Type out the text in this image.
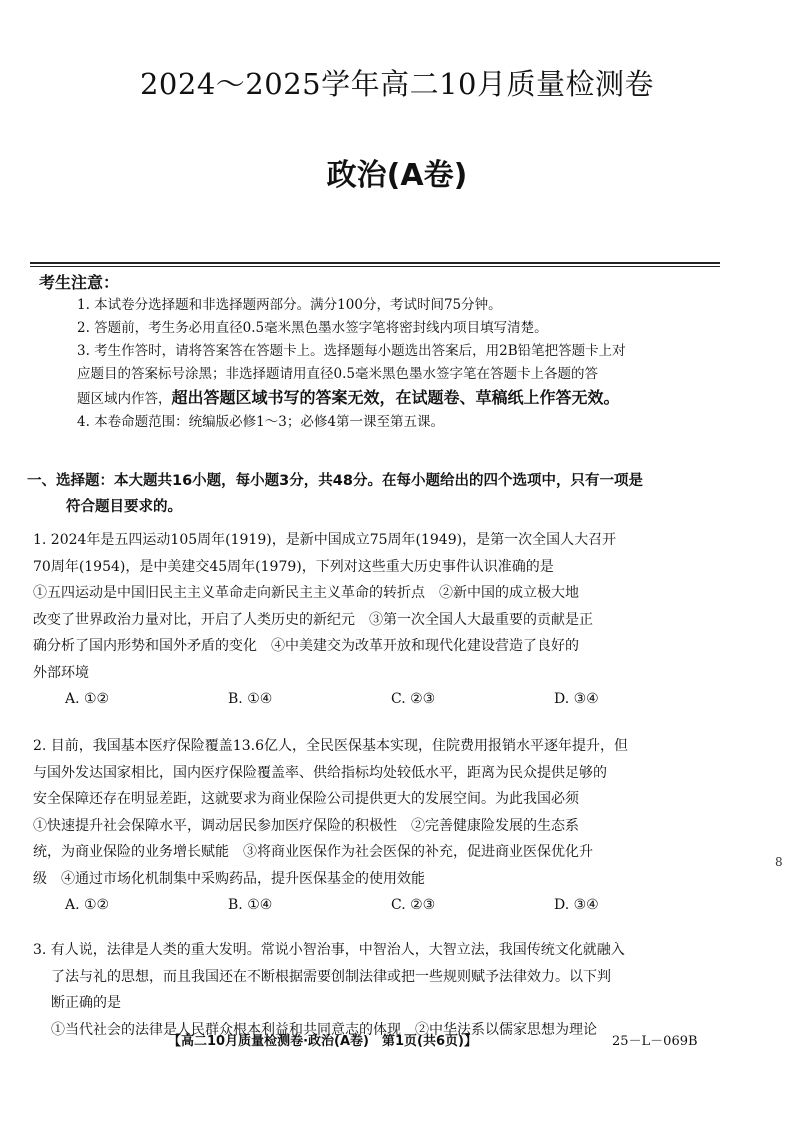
2024～2025学年高二10月质量检测卷
政治(A卷)
考生注意：
1. 本试卷分选择题和非选择题两部分。满分100分，考试时间75分钟。
2. 答题前，考生务必用直径0.5毫米黑色墨水签字笔将密封线内项目填写清楚。
3. 考生作答时，请将答案答在答题卡上。选择题每小题选出答案后，用2B铅笔把答题卡上对
应题目的答案标号涂黑；非选择题请用直径0.5毫米黑色墨水签字笔在答题卡上各题的答
题区域内作答，超出答题区域书写的答案无效，在试题卷、草稿纸上作答无效。
4. 本卷命题范围：统编版必修1～3；必修4第一课至第五课。
一、选择题：本大题共16小题，每小题3分，共48分。在每小题给出的四个选项中，只有一项是
符合题目要求的。
1. 2024年是五四运动105周年(1919)，是新中国成立75周年(1949)，是第一次全国人大召开
70周年(1954)，是中美建交45周年(1979)，下列对这些重大历史事件认识准确的是
①五四运动是中国旧民主主义革命走向新民主主义革命的转折点　②新中国的成立极大地
改变了世界政治力量对比，开启了人类历史的新纪元　③第一次全国人大最重要的贡献是正
确分析了国内形势和国外矛盾的变化　④中美建交为改革开放和现代化建设营造了良好的
外部环境
A. ①②	B. ①④	C. ②③	D. ③④
2. 目前，我国基本医疗保险覆盖13.6亿人，全民医保基本实现，住院费用报销水平逐年提升，但
与国外发达国家相比，国内医疗保险覆盖率、供给指标均处较低水平，距离为民众提供足够的
安全保障还存在明显差距，这就要求为商业保险公司提供更大的发展空间。为此我国必须
①快速提升社会保障水平，调动居民参加医疗保险的积极性　②完善健康险发展的生态系
统，为商业保险的业务增长赋能　③将商业医保作为社会医保的补充，促进商业医保优化升
级　④通过市场化机制集中采购药品，提升医保基金的使用效能
A. ①②	B. ①④	C. ②③	D. ③④
3. 有人说，法律是人类的重大发明。常说小智治事，中智治人，大智立法，我国传统文化就融入
了法与礼的思想，而且我国还在不断根据需要创制法律或把一些规则赋予法律效力。以下判
断正确的是
①当代社会的法律是人民群众根本利益和共同意志的体现　②中华法系以儒家思想为理论
8
【高二10月质量检测卷·政治(A卷)　第1页(共6页)】	25－L－069B
